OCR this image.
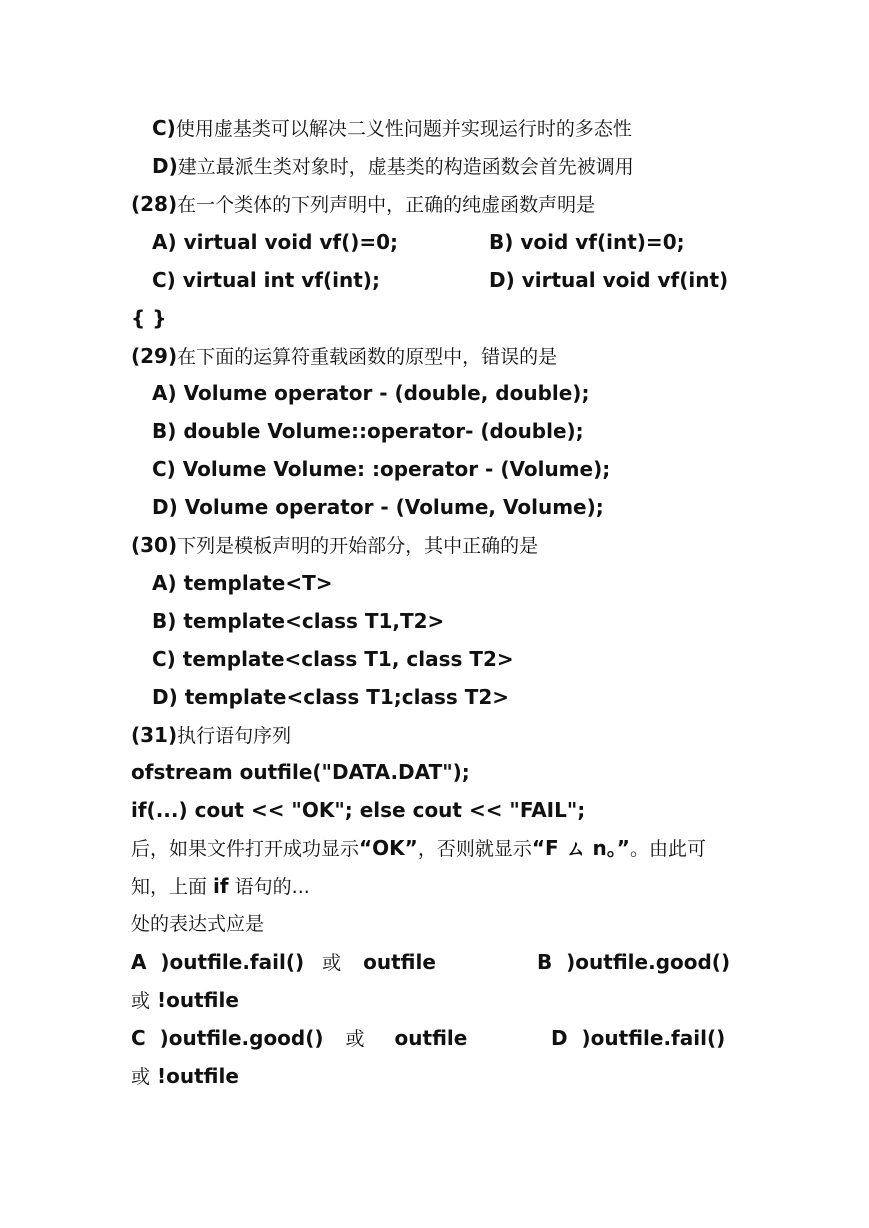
C)使用虚基类可以解决二义性问题并实现运行时的多态性
D)建立最派生类对象时，虚基类的构造函数会首先被调用
(28)在一个类体的下列声明中，正确的纯虚函数声明是
A) virtual void vf()=0;	B) void vf(int)=0;
C) virtual int vf(int);	D) virtual void vf(int)
{ }
(29)在下面的运算符重载函数的原型中，错误的是
A) Volume operator - (double, double);
B) double Volume::operator- (double);
C) Volume Volume: :operator - (Volume);
D) Volume operator - (Volume, Volume);
(30)下列是模板声明的开始部分，其中正确的是
A) template<T>
B) template<class T1,T2>
C) template<class T1, class T2>
D) template<class T1;class T2>
(31)执行语句序列
ofstream outfile("DATA.DAT");
if(...) cout << "OK"; else cout << "FAIL";
后，如果文件打开成功显示“OK”，否则就显示“F ㄙ n。”。由此可
知，上面 if 语句的...
处的表达式应是
A  )outfile.fail() 或 outfile	B  )outfile.good()
或 !outfile
C  )outfile.good() 或 outfile	D  )outfile.fail()
或 !outfile
